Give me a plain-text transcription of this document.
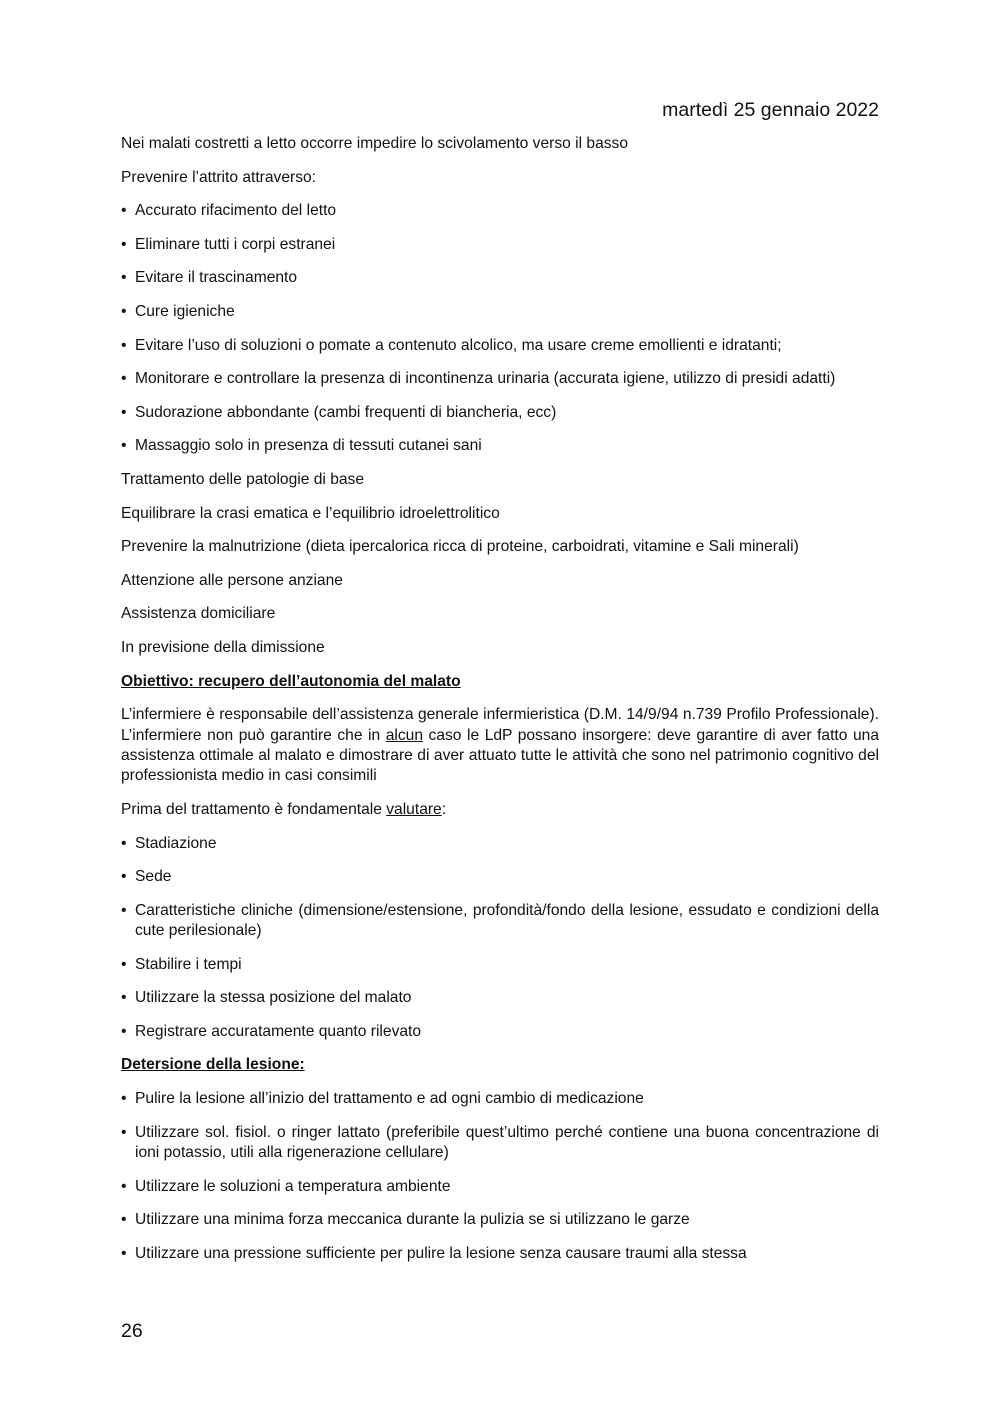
martedì 25 gennaio 2022

Nei malati costretti a letto occorre impedire lo scivolamento verso il basso

Prevenire l’attrito attraverso:

• Accurato rifacimento del letto
• Eliminare tutti i corpi estranei
• Evitare il trascinamento
• Cure igieniche
• Evitare l’uso di soluzioni o pomate a contenuto alcolico, ma usare creme emollienti e idratanti;
• Monitorare e controllare la presenza di incontinenza urinaria (accurata igiene, utilizzo di presidi adatti)
• Sudorazione abbondante (cambi frequenti di biancheria, ecc)
• Massaggio solo in presenza di tessuti cutanei sani

Trattamento delle patologie di base

Equilibrare la crasi ematica e l’equilibrio idroelettrolitico

Prevenire la malnutrizione (dieta ipercalorica ricca di proteine, carboidrati, vitamine e Sali minerali)

Attenzione alle persone anziane

Assistenza domiciliare

In previsione della dimissione

Obiettivo: recupero dell’autonomia del malato

L’infermiere è responsabile dell’assistenza generale infermieristica (D.M. 14/9/94 n.739 Profilo Professionale). L’infermiere non può garantire che in alcun caso le LdP possano insorgere: deve garantire di aver fatto una assistenza ottimale al malato e dimostrare di aver attuato tutte le attività che sono nel patrimonio cognitivo del professionista medio in casi consimili

Prima del trattamento è fondamentale valutare:

• Stadiazione
• Sede
• Caratteristiche cliniche (dimensione/estensione, profondità/fondo della lesione, essudato e condizioni della cute perilesionale)
• Stabilire i tempi
• Utilizzare la stessa posizione del malato
• Registrare accuratamente quanto rilevato

Detersione della lesione:

• Pulire la lesione all’inizio del trattamento e ad ogni cambio di medicazione
• Utilizzare sol. fisiol. o ringer lattato (preferibile quest’ultimo perché contiene una buona concentrazione di ioni potassio, utili alla rigenerazione cellulare)
• Utilizzare le soluzioni a temperatura ambiente
• Utilizzare una minima forza meccanica durante la pulizia se si utilizzano le garze
• Utilizzare una pressione sufficiente per pulire la lesione senza causare traumi alla stessa
26
